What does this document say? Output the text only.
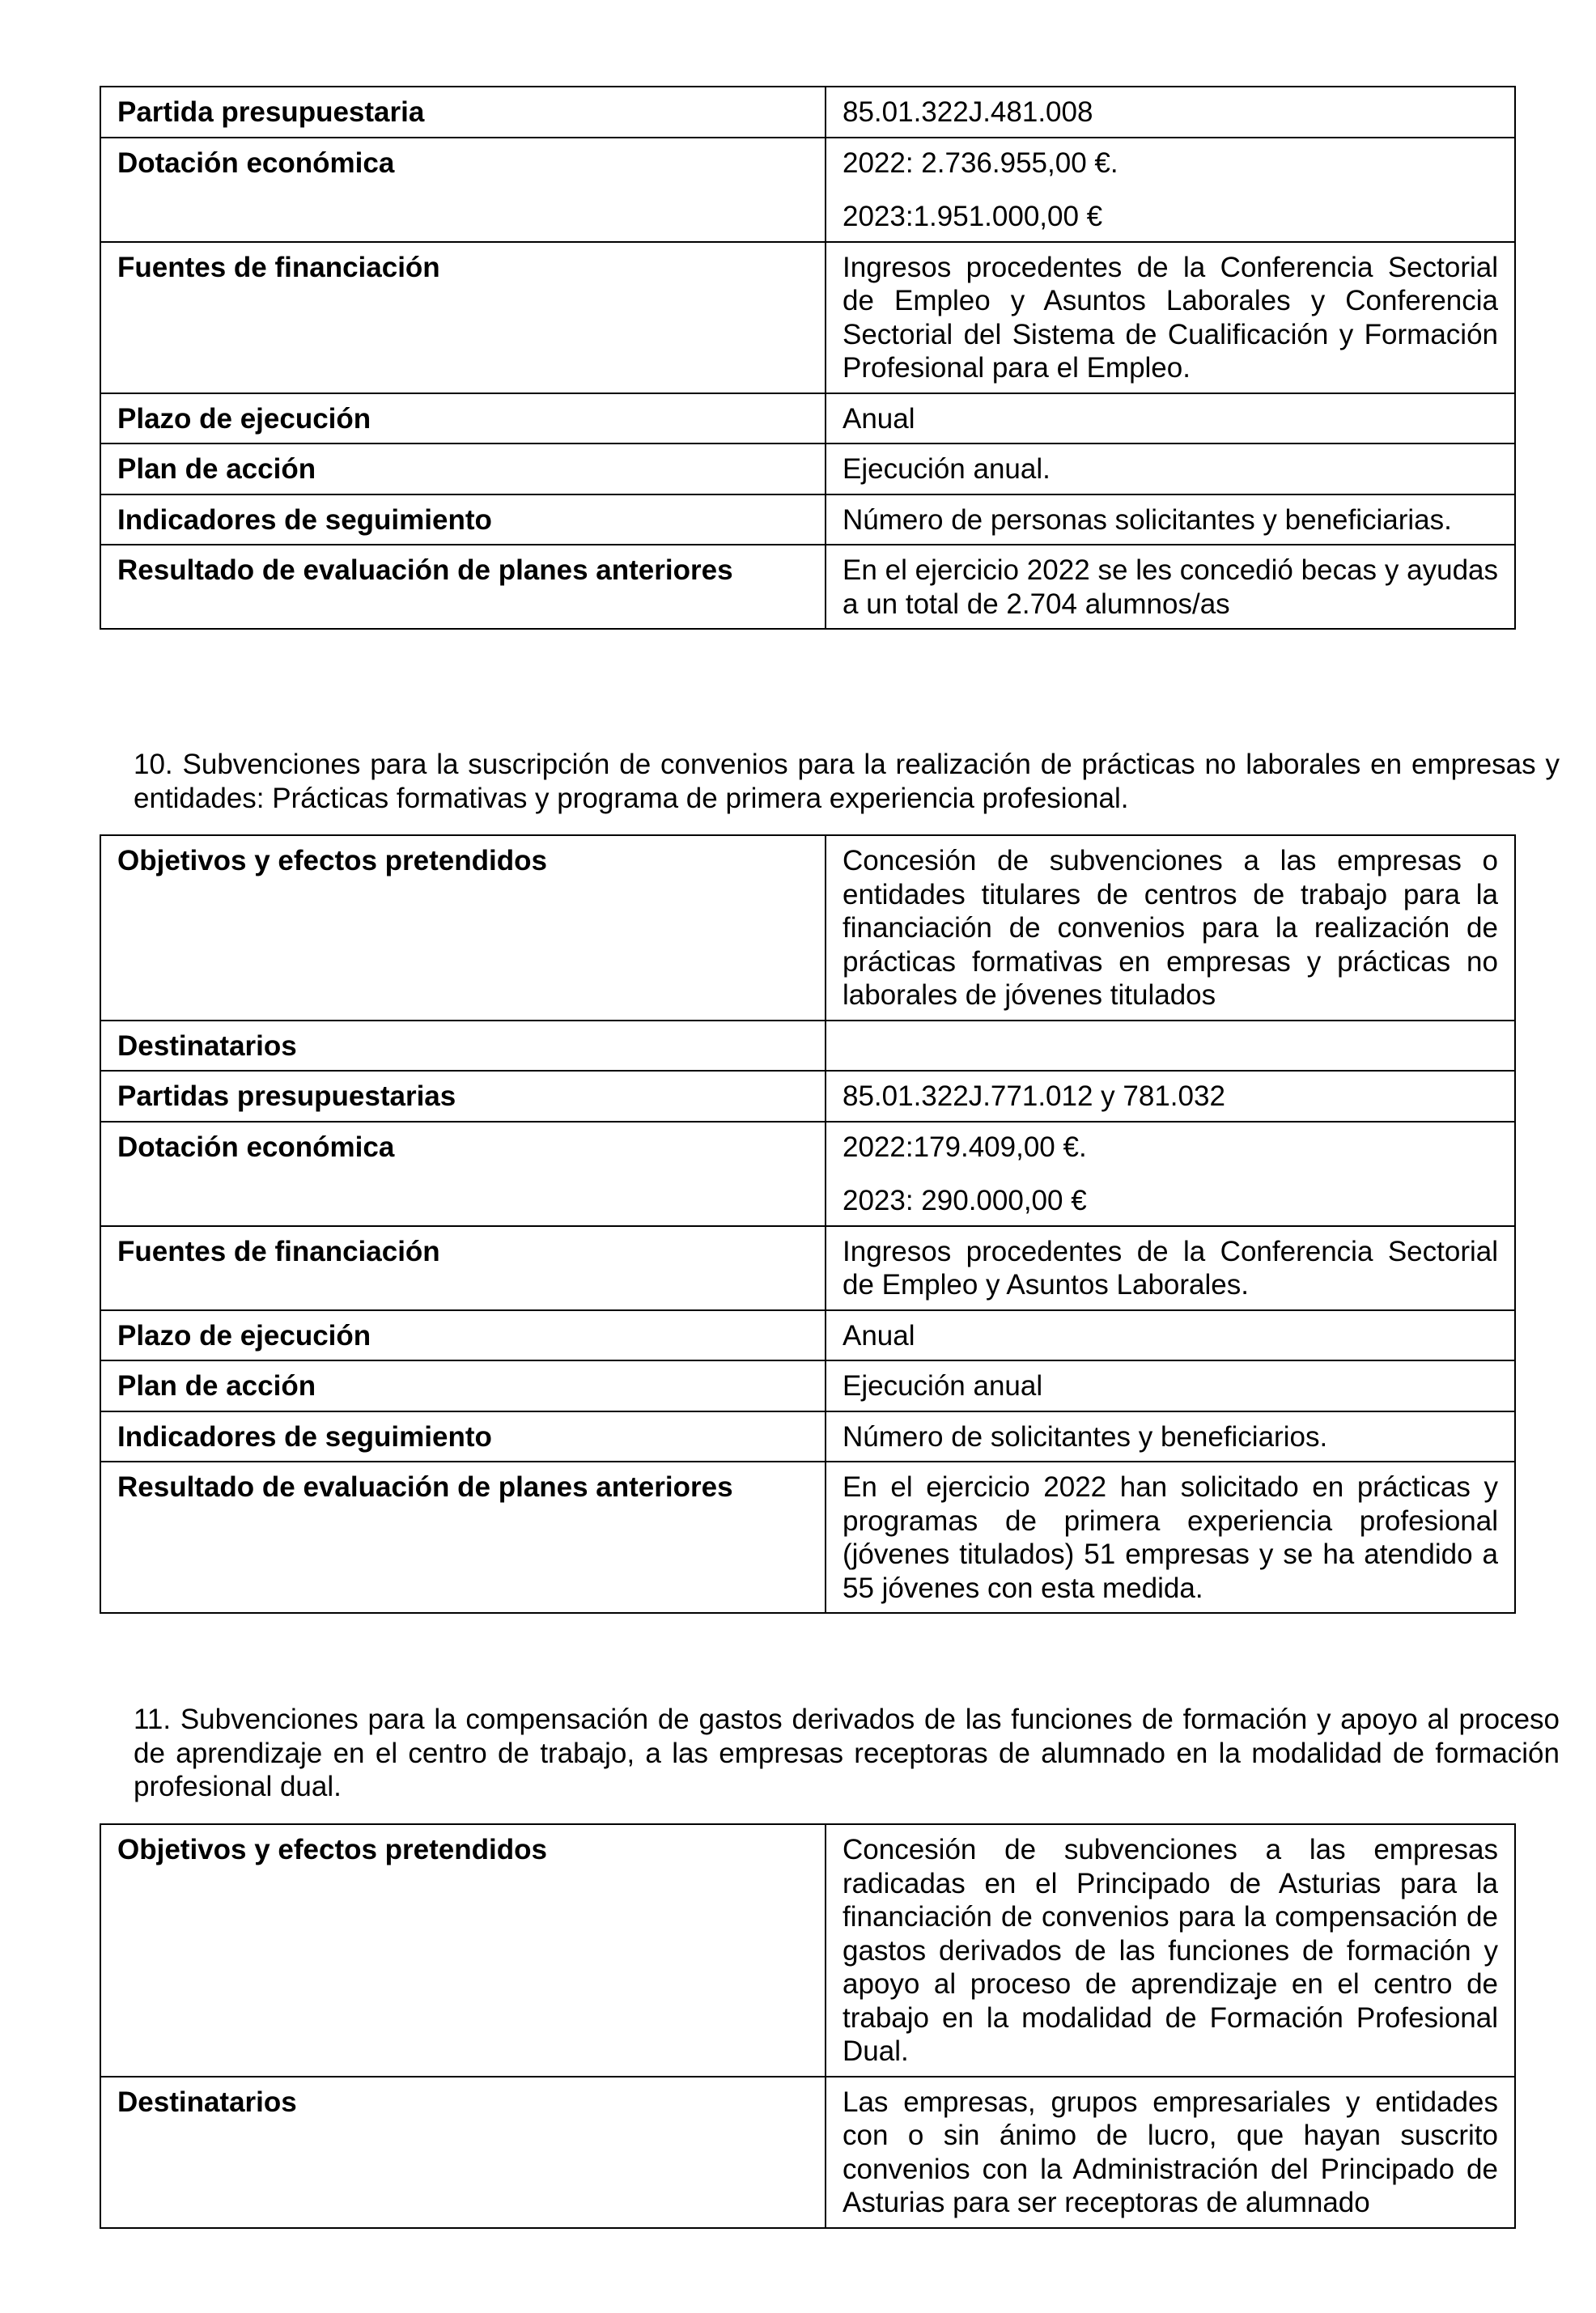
Partida presupuestaria	85.01.322J.481.008

Dotación económica	2022: 2.736.955,00 €.

2023:1.951.000,00 €

Fuentes de financiación	Ingresos procedentes de la Conferencia Sectorial de Empleo y Asuntos Laborales y Conferencia Sectorial del Sistema de Cualificación y Formación Profesional para el Empleo.

Plazo de ejecución	Anual

Plan de acción	Ejecución anual.

Indicadores de seguimiento	Número de personas solicitantes y beneficiarias.

Resultado de evaluación de planes anteriores	En el ejercicio 2022 se les concedió becas y ayudas a un total de 2.704 alumnos/as

10. Subvenciones para la suscripción de convenios para la realización de prácticas no laborales en empresas y entidades: Prácticas formativas y programa de primera experiencia profesional.

Objetivos y efectos pretendidos	Concesión de subvenciones a las empresas o entidades titulares de centros de trabajo para la financiación de convenios para la realización de prácticas formativas en empresas y prácticas no laborales de jóvenes titulados

Destinatarios	

Partidas presupuestarias	85.01.322J.771.012 y 781.032

Dotación económica	2022:179.409,00 €.

2023: 290.000,00 €

Fuentes de financiación	Ingresos procedentes de la Conferencia Sectorial de Empleo y Asuntos Laborales.

Plazo de ejecución	Anual

Plan de acción	Ejecución anual

Indicadores de seguimiento	Número de solicitantes y beneficiarios.

Resultado de evaluación de planes anteriores	En el ejercicio 2022 han solicitado en prácticas y programas de primera experiencia profesional (jóvenes titulados) 51 empresas y se ha atendido a 55 jóvenes con esta medida.

11. Subvenciones para la compensación de gastos derivados de las funciones de formación y apoyo al proceso de aprendizaje en el centro de trabajo, a las empresas receptoras de alumnado en la modalidad de formación profesional dual.

Objetivos y efectos pretendidos	Concesión de subvenciones a las empresas radicadas en el Principado de Asturias para la financiación de convenios para la compensación de gastos derivados de las funciones de formación y apoyo al proceso de aprendizaje en el centro de trabajo en la modalidad de Formación Profesional Dual.

Destinatarios	Las empresas, grupos empresariales y entidades con o sin ánimo de lucro, que hayan suscrito convenios con la Administración del Principado de Asturias para ser receptoras de alumnado
